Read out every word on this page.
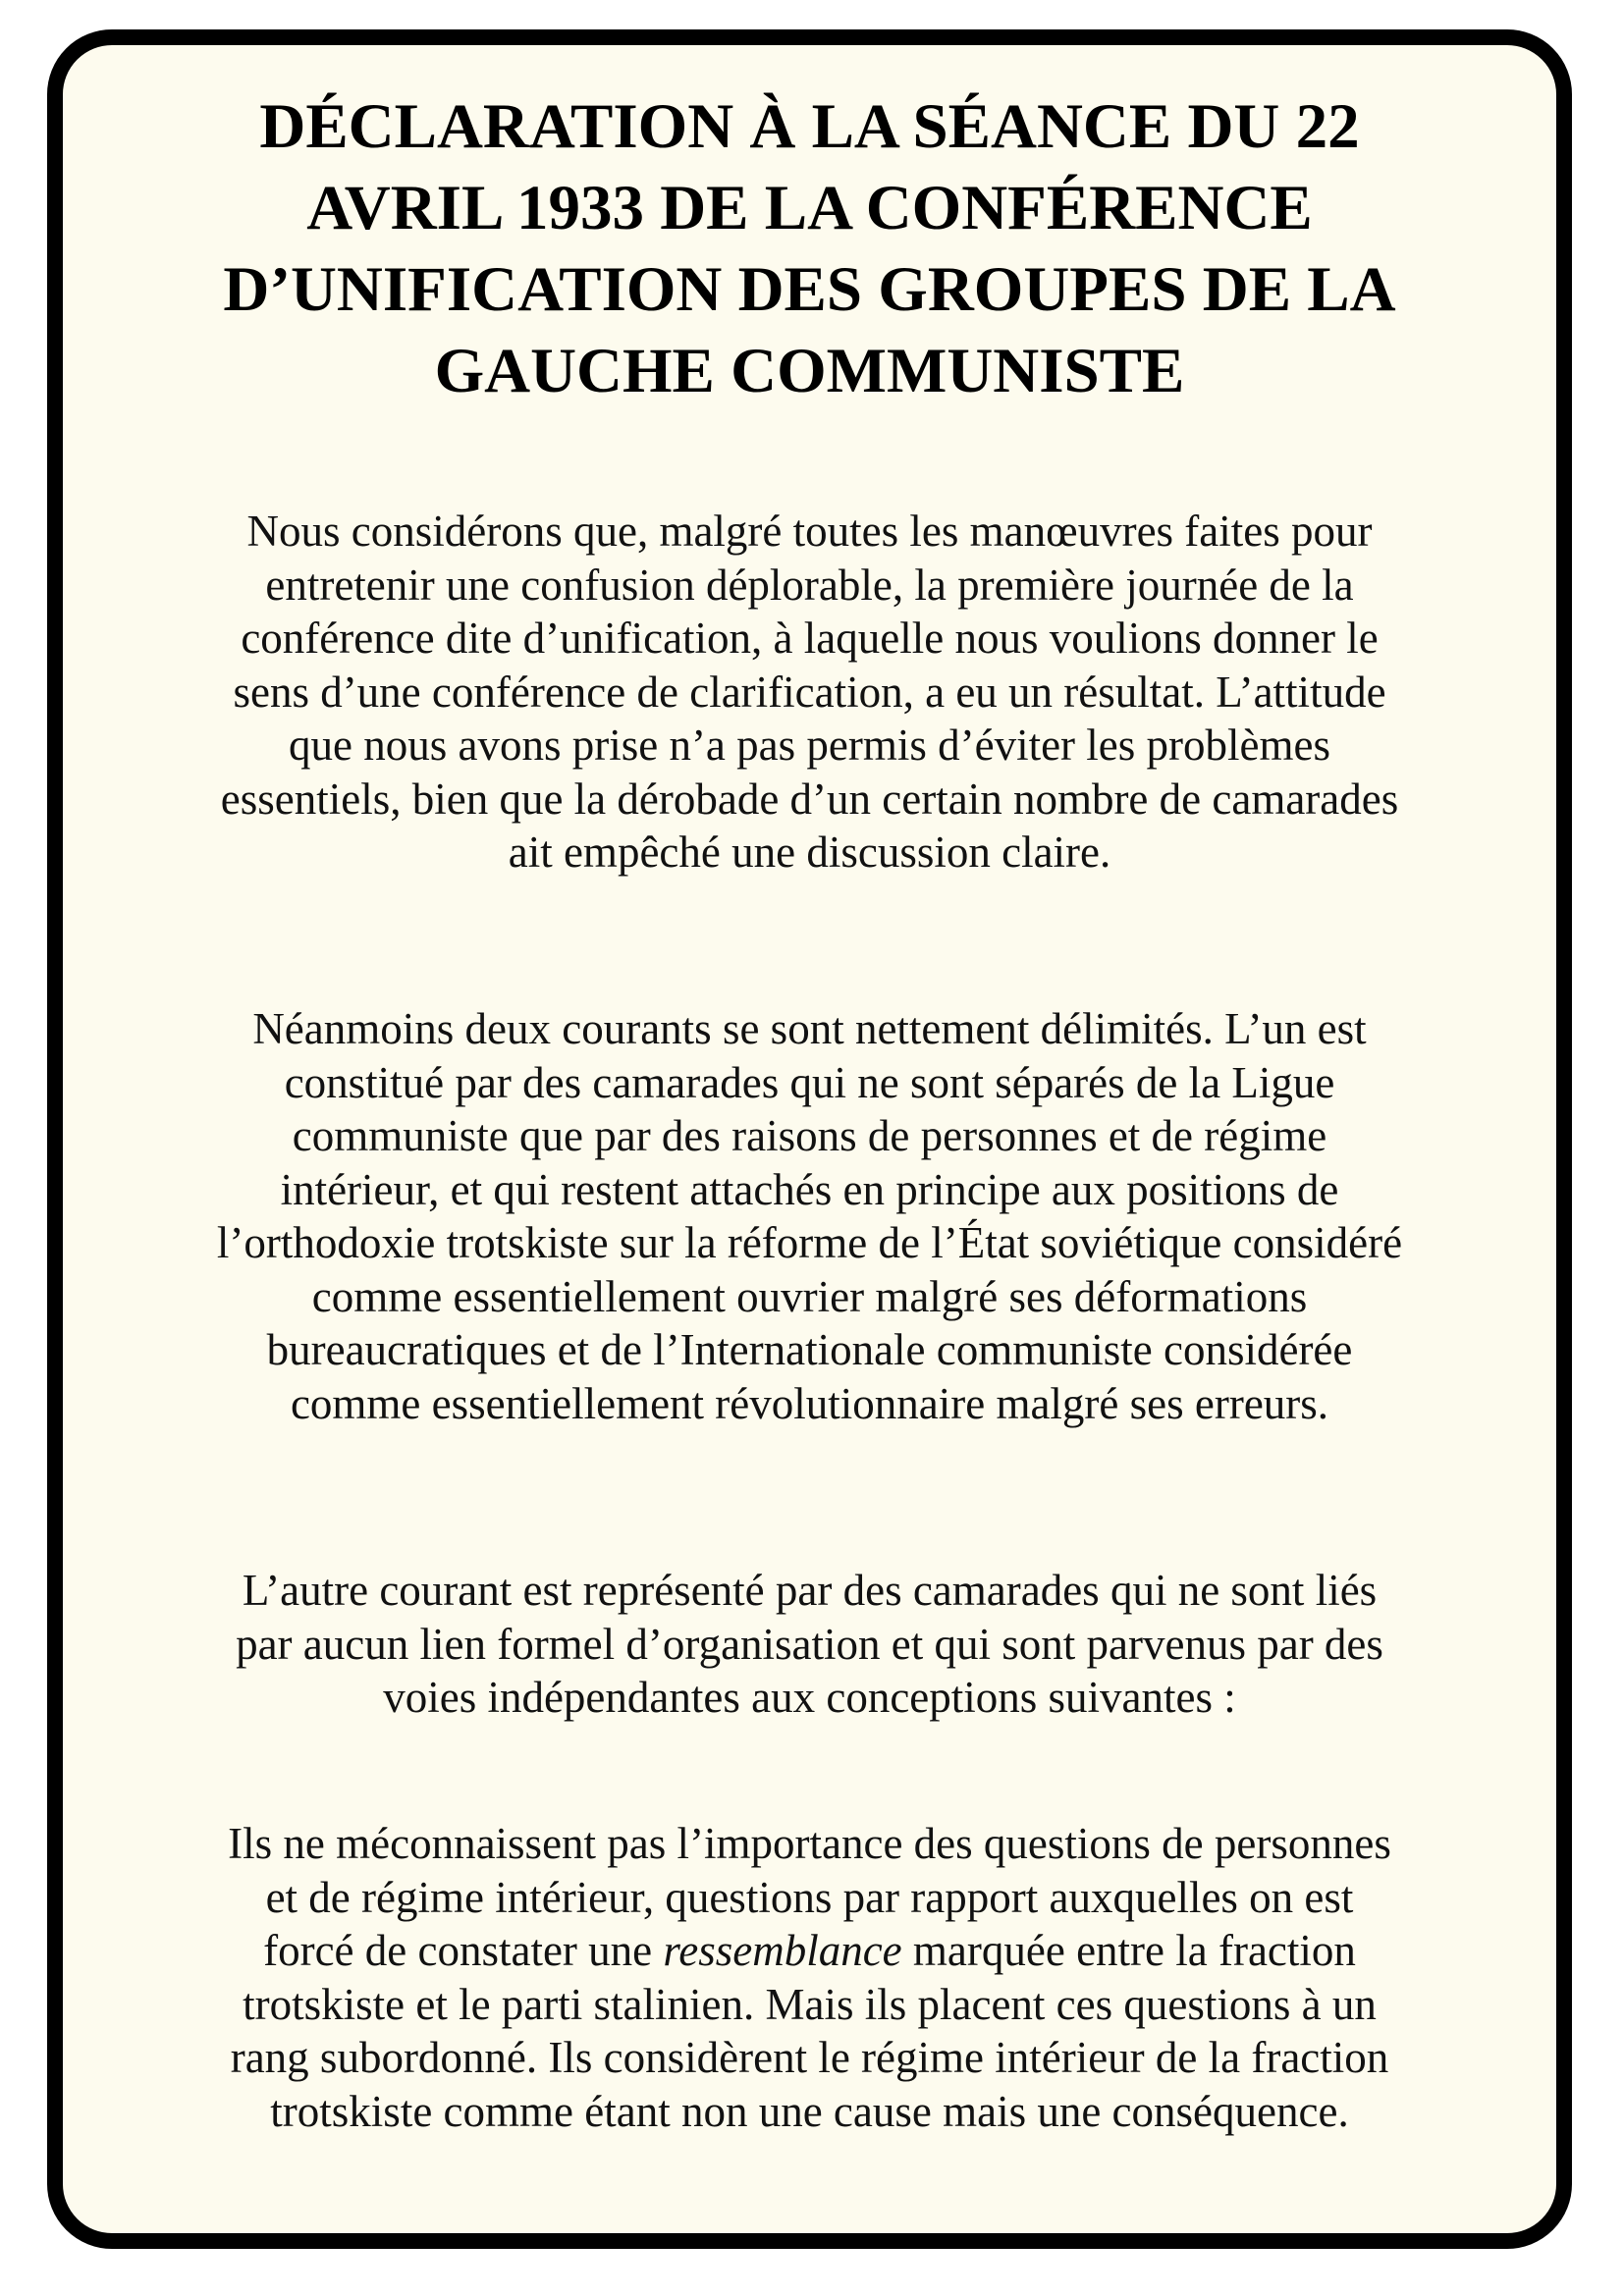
DÉCLARATION À LA SÉANCE DU 22
AVRIL 1933 DE LA CONFÉRENCE
D’UNIFICATION DES GROUPES DE LA
GAUCHE COMMUNISTE

Nous considérons que, malgré toutes les manœuvres faites pour
entretenir une confusion déplorable, la première journée de la
conférence dite d’unification, à laquelle nous voulions donner le
sens d’une conférence de clarification, a eu un résultat. L’attitude
que nous avons prise n’a pas permis d’éviter les problèmes
essentiels, bien que la dérobade d’un certain nombre de camarades
ait empêché une discussion claire.

Néanmoins deux courants se sont nettement délimités. L’un est
constitué par des camarades qui ne sont séparés de la Ligue
communiste que par des raisons de personnes et de régime
intérieur, et qui restent attachés en principe aux positions de
l’orthodoxie trotskiste sur la réforme de l’État soviétique considéré
comme essentiellement ouvrier malgré ses déformations
bureaucratiques et de l’Internationale communiste considérée
comme essentiellement révolutionnaire malgré ses erreurs.

L’autre courant est représenté par des camarades qui ne sont liés
par aucun lien formel d’organisation et qui sont parvenus par des
voies indépendantes aux conceptions suivantes :

Ils ne méconnaissent pas l’importance des questions de personnes
et de régime intérieur, questions par rapport auxquelles on est
forcé de constater une ressemblance marquée entre la fraction
trotskiste et le parti stalinien. Mais ils placent ces questions à un
rang subordonné. Ils considèrent le régime intérieur de la fraction
trotskiste comme étant non une cause mais une conséquence.
